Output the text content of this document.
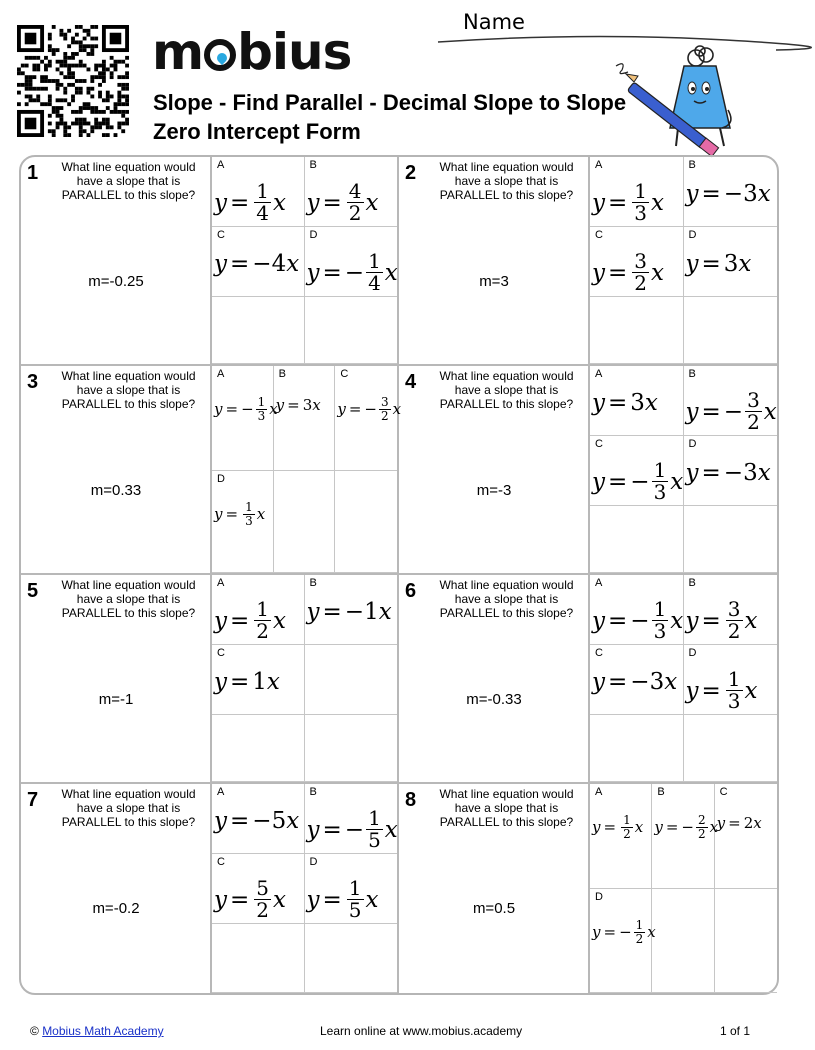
m bius
Name
Slope - Find Parallel - Decimal Slope to Slope Zero Intercept Form
1 What line equation would have a slope that is PARALLEL to this slope?
m=-0.25
A
$y = \frac{1}{4}$ x
B
$y = \frac{4}{2}$ x
C
y = − 4 x
D
y = − $\frac{1}{4}$ x
2 What line equation would have a slope that is PARALLEL to this slope?
m=3
A
$y = \frac{1}{3}$ x
B
y = − 3 x
C
$y = \frac{3}{2}$ x
D
y = 3 x
3 What line equation would have a slope that is PARALLEL to this slope?
m=0.33
A
y = − $\frac{1}{3}$ x
B
y = 3 x
C
y = − $\frac{3}{2}$ x
D
$y = \frac{1}{3}$ x
4 What line equation would have a slope that is PARALLEL to this slope?
m=-3
A
y = 3 x
B
y = − $\frac{3}{2}$ x
C
y = − $\frac{1}{3}$ x
D
y = − 3 x
5 What line equation would have a slope that is PARALLEL to this slope?
m=-1
A
$y = \frac{1}{2}$ x
B
y = − 1 x
C
y = 1 x
6 What line equation would have a slope that is PARALLEL to this slope?
m=-0.33
A
y = − $\frac{1}{3}$ x
B
$y = \frac{3}{2}$ x
C
y = − 3 x
D
$y = \frac{1}{3}$ x
7 What line equation would have a slope that is PARALLEL to this slope?
m=-0.2
A
y = − 5 x
B
y = − $\frac{1}{5}$ x
C
$y = \frac{5}{2}$ x
D
$y = \frac{1}{5}$ x
8 What line equation would have a slope that is PARALLEL to this slope?
m=0.5
A
$y = \frac{1}{2}$ x
B
y = − $\frac{2}{2}$ x
C
y = 2 x
D
y = − $\frac{1}{2}$ x
© Mobius Math Academy	Learn online at www.mobius.academy	1 of 1
